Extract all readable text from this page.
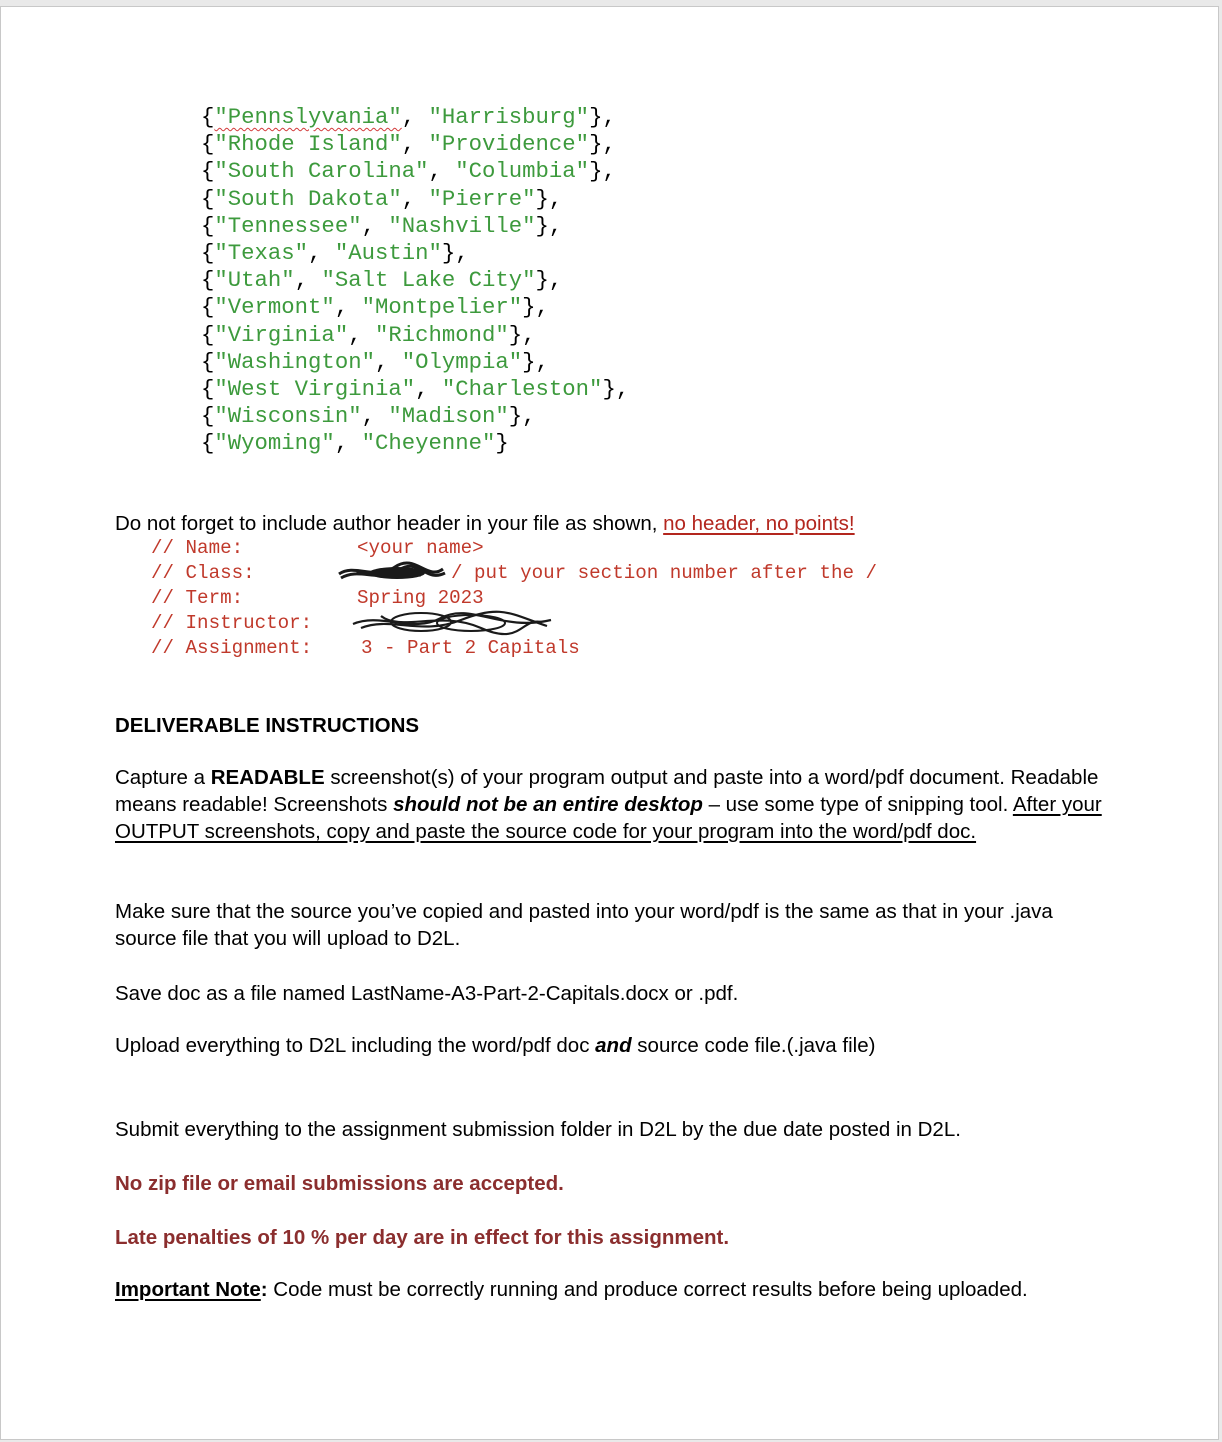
{"Pennslyvania", "Harrisburg"},
{"Rhode Island", "Providence"},
{"South Carolina", "Columbia"},
{"South Dakota", "Pierre"},
{"Tennessee", "Nashville"},
{"Texas", "Austin"},
{"Utah", "Salt Lake City"},
{"Vermont", "Montpelier"},
{"Virginia", "Richmond"},
{"Washington", "Olympia"},
{"West Virginia", "Charleston"},
{"Wisconsin", "Madison"},
{"Wyoming", "Cheyenne"}
Do not forget to include author header in your file as shown, no header, no points!

// Name:

	<your name>

// Class:

	/ put your section number after the /

// Term:

	Spring 2023

// Instructor:

// Assignment:

	3 - Part 2 Capitals

DELIVERABLE INSTRUCTIONS
Capture a READABLE screenshot(s) of your program output and paste into a word/pdf document. Readable means readable! Screenshots should not be an entire desktop – use some type of snipping tool. After your OUTPUT screenshots, copy and paste the source code for your program into the word/pdf doc.
Make sure that the source you’ve copied and pasted into your word/pdf is the same as that in your .java source file that you will upload to D2L.
Save doc as a file named LastName-A3-Part-2-Capitals.docx or .pdf.
Upload everything to D2L including the word/pdf doc and source code file.(.java file)
Submit everything to the assignment submission folder in D2L by the due date posted in D2L.
No zip file or email submissions are accepted.
Late penalties of 10 % per day are in effect for this assignment.
Important Note: Code must be correctly running and produce correct results before being uploaded.
